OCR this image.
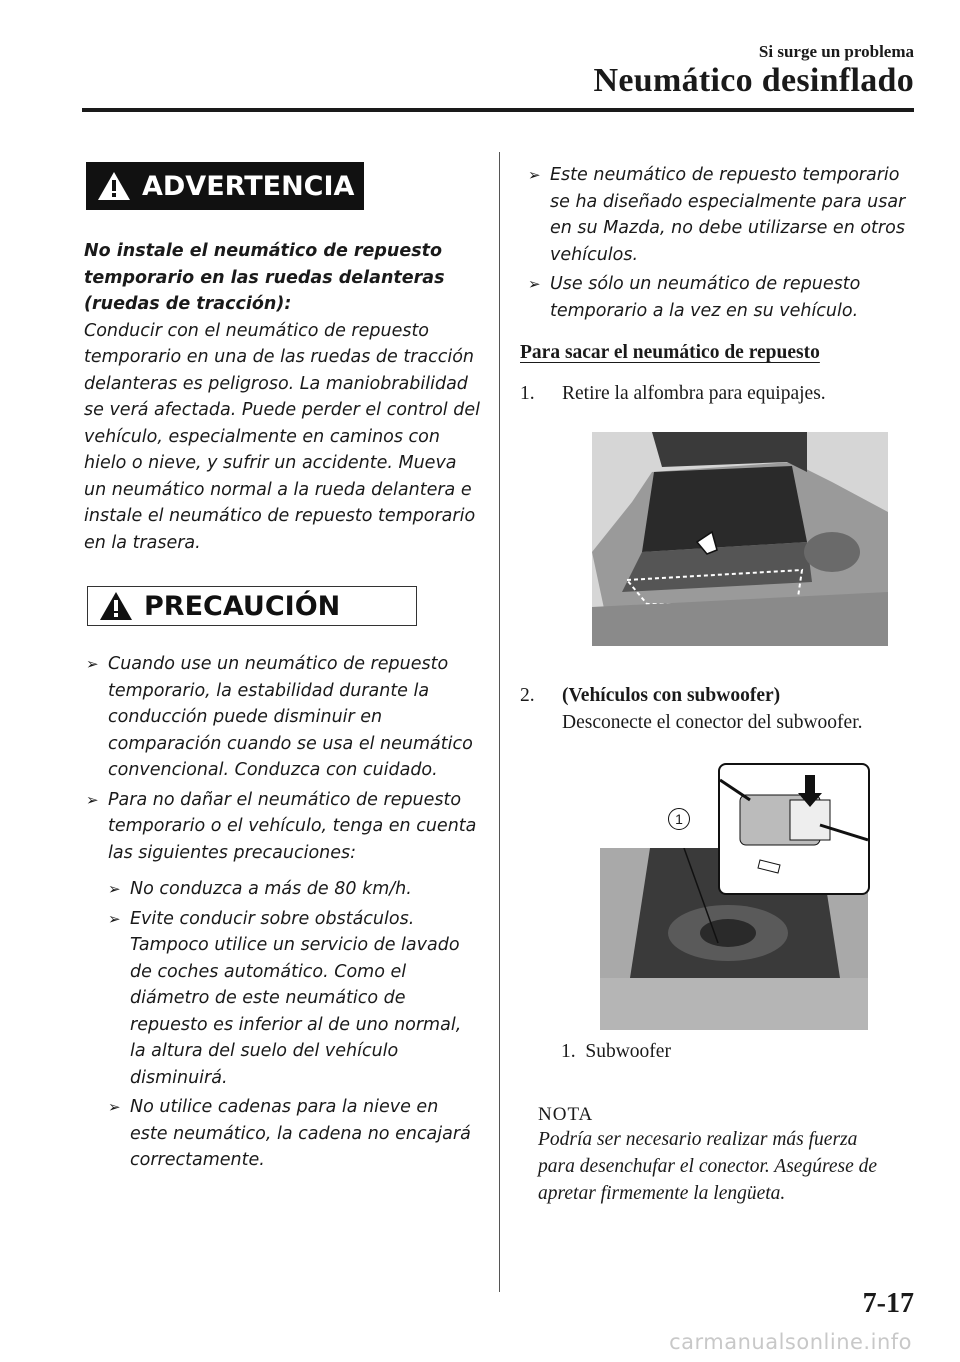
Si surge un problema
Neumático desinflado
ADVERTENCIA
No instale el neumático de repuesto temporario en las ruedas delanteras (ruedas de tracción):
Conducir con el neumático de repuesto temporario en una de las ruedas de tracción delanteras es peligroso. La maniobrabilidad se verá afectada. Puede perder el control del vehículo, especialmente en caminos con hielo o nieve, y sufrir un accidente. Mueva un neumático normal a la rueda delantera e instale el neumático de repuesto temporario en la trasera.
PRECAUCIÓN
➢ Cuando use un neumático de repuesto temporario, la estabilidad durante la conducción puede disminuir en comparación cuando se usa el neumático convencional. Conduzca con cuidado.
➢ Para no dañar el neumático de repuesto temporario o el vehículo, tenga en cuenta las siguientes precauciones:
➢ No conduzca a más de 80 km/h.
➢ Evite conducir sobre obstáculos. Tampoco utilice un servicio de lavado de coches automático. Como el diámetro de este neumático de repuesto es inferior al de uno normal, la altura del suelo del vehículo disminuirá.
➢ No utilice cadenas para la nieve en este neumático, la cadena no encajará correctamente.
➢ Este neumático de repuesto temporario se ha diseñado especialmente para usar en su Mazda, no debe utilizarse en otros vehículos.
➢ Use sólo un neumático de repuesto temporario a la vez en su vehículo.
Para sacar el neumático de repuesto
1. Retire la alfombra para equipajes.
2. (Vehículos con subwoofer)
Desconecte el conector del subwoofer.
1
1. Subwoofer
NOTA
Podría ser necesario realizar más fuerza para desenchufar el conector. Asegúrese de apretar firmemente la lengüeta.
7-17
carmanualsonline.info
